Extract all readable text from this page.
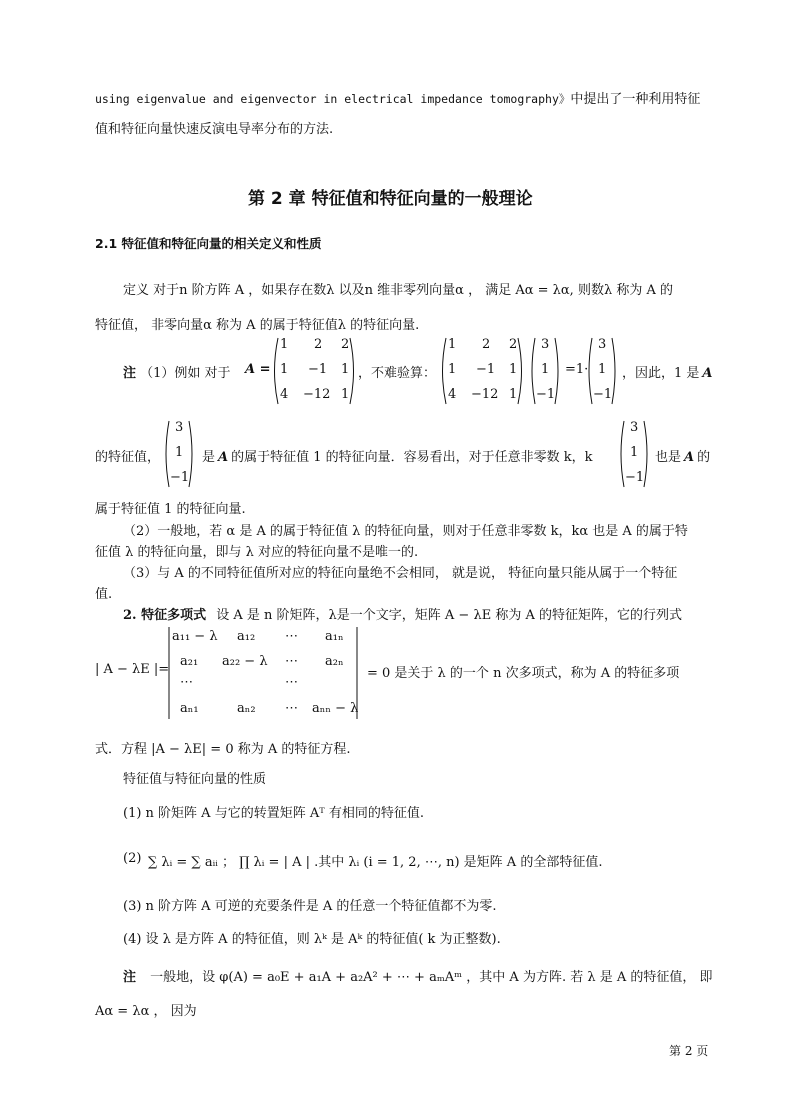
using eigenvalue and eigenvector in electrical impedance tomography》中提出了一种利用特征
值和特征向量快速反演电导率分布的方法.
第 2 章 特征值和特征向量的一般理论
2.1 特征值和特征向量的相关定义和性质
定义 对于n 阶方阵 A ，如果存在数λ 以及n 维非零列向量α ， 满足 Aα = λα, 则数λ 称为 A 的
特征值， 非零向量α 称为 A 的属于特征值λ 的特征向量.
注 （1）例如 对于 A =
1 2 2
1 −1 1
4 −12 1
，不难验算：
1 2 2
1 −1 1
4 −12 1
3
1
−1
=1·
3
1
−1
，因此，1 是 A
的特征值，
3
1
−1
是 A 的属于特征值 1 的特征向量．容易看出，对于任意非零数 k，k
3
1
−1
也是 A 的
属于特征值 1 的特征向量.
（2）一般地，若 α 是 A 的属于特征值 λ 的特征向量，则对于任意非零数 k，kα 也是 A 的属于特
征值 λ 的特征向量，即与 λ 对应的特征向量不是唯一的.
（3）与 A 的不同特征值所对应的特征向量绝不会相同， 就是说， 特征向量只能从属于一个特征
值.
2. 特征多项式 设 A 是 n 阶矩阵，λ是一个文字，矩阵 A − λE 称为 A 的特征矩阵，它的行列式
| A − λE |=
a₁₁ − λ a₁₂ ⋯ a₁ₙ
a₂₁ a₂₂ − λ ⋯ a₂ₙ
⋯	⋯
aₙ₁	aₙ₂ ⋯ aₙₙ − λ
= 0 是关于 λ 的一个 n 次多项式，称为 A 的特征多项
式．方程 |A − λE| = 0 称为 A 的特征方程.
特征值与特征向量的性质
(1) n 阶矩阵 A 与它的转置矩阵 Aᵀ 有相同的特征值.
(2) ∑ λᵢ = ∑ aᵢᵢ ； ∏ λᵢ = | A | .其中 λᵢ (i = 1, 2, ⋯, n) 是矩阵 A 的全部特征值.
(3) n 阶方阵 A 可逆的充要条件是 A 的任意一个特征值都不为零.
(4) 设 λ 是方阵 A 的特征值，则 λᵏ 是 Aᵏ 的特征值( k 为正整数).
注 一般地，设 φ(A) = a₀E + a₁A + a₂A² + ⋯ + aₘAᵐ ，其中 A 为方阵. 若 λ 是 A 的特征值， 即
Aα = λα ， 因为
第 2 页
